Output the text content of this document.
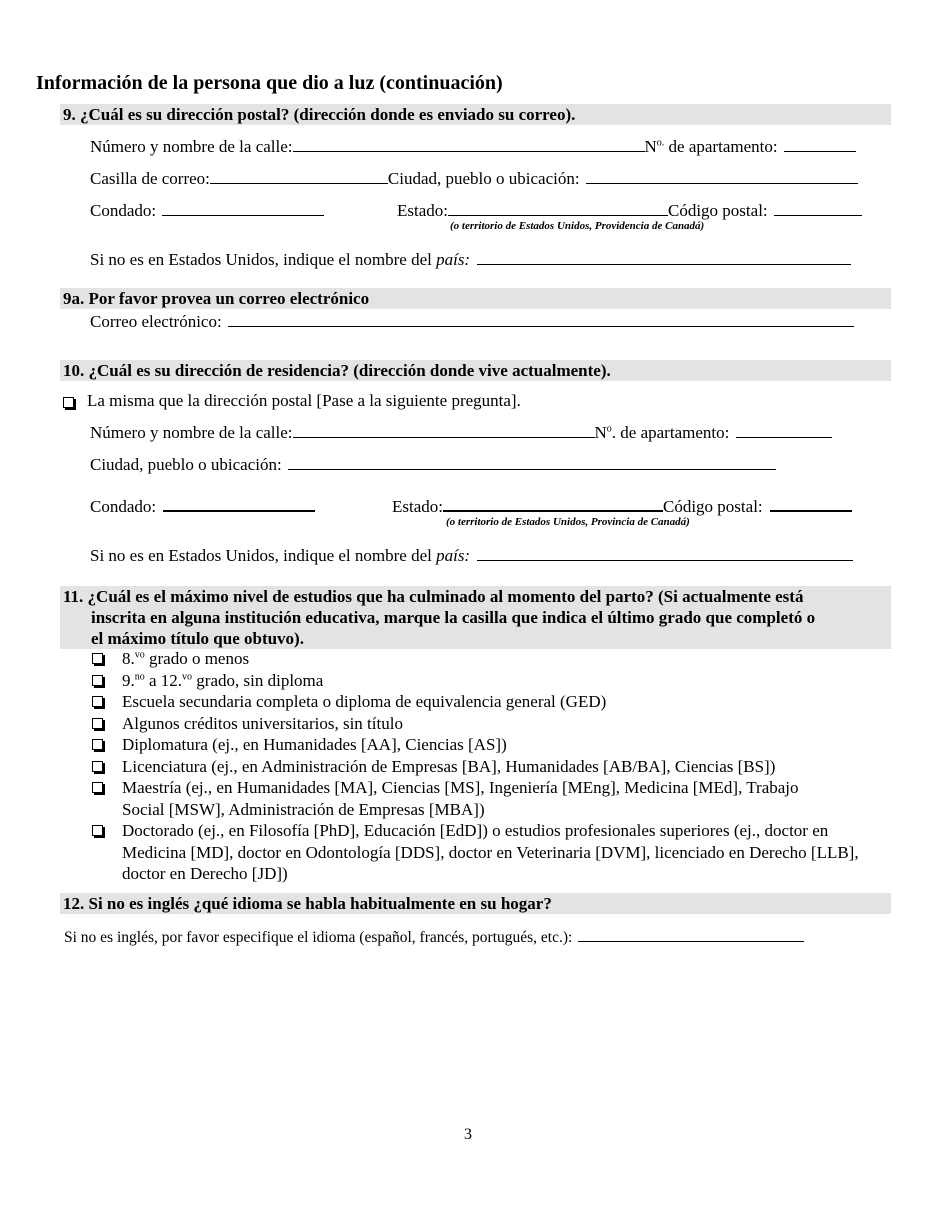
Información de la persona que dio a luz (continuación)
9. ¿Cuál es su dirección postal? (dirección donde es enviado su correo).
Número y nombre de la calle:	$N^{o.}$ de apartamento:
Casilla de correo:	Ciudad, pueblo o ubicación:
Condado:	Estado:	Código postal:
(o territorio de Estados Unidos, Providencia de Canadá)
Si no es en Estados Unidos, indique el nombre del país:
9a. Por favor provea un correo electrónico
Correo electrónico:
10. ¿Cuál es su dirección de residencia? (dirección donde vive actualmente).
La misma que la dirección postal [Pase a la siguiente pregunta].
Número y nombre de la calle:	$N^o$. de apartamento:
Ciudad, pueblo o ubicación:
Condado:	Estado:	Código postal:
(o territorio de Estados Unidos, Provincia de Canadá)
Si no es en Estados Unidos, indique el nombre del país:
11. ¿Cuál es el máximo nivel de estudios que ha culminado al momento del parto? (Si actualmente está
inscrita en alguna institución educativa, marque la casilla que indica el último grado que completó o
el máximo título que obtuvo).
8.$^{vo}$ grado o menos
9.$^{no}$ a 12.$^{vo}$ grado, sin diploma
Escuela secundaria completa o diploma de equivalencia general (GED)
Algunos créditos universitarios, sin título
Diplomatura (ej., en Humanidades [AA], Ciencias [AS])
Licenciatura (ej., en Administración de Empresas [BA], Humanidades [AB/BA], Ciencias [BS])
Maestría (ej., en Humanidades [MA], Ciencias [MS], Ingeniería [MEng], Medicina [MEd], Trabajo Social [MSW], Administración de Empresas [MBA])
Doctorado (ej., en Filosofía [PhD], Educación [EdD]) o estudios profesionales superiores (ej., doctor en Medicina [MD], doctor en Odontología [DDS], doctor en Veterinaria [DVM], licenciado en Derecho [LLB], doctor en Derecho [JD])
12. Si no es inglés ¿qué idioma se habla habitualmente en su hogar?
Si no es inglés, por favor especifique el idioma (español, francés, portugués, etc.):
3
